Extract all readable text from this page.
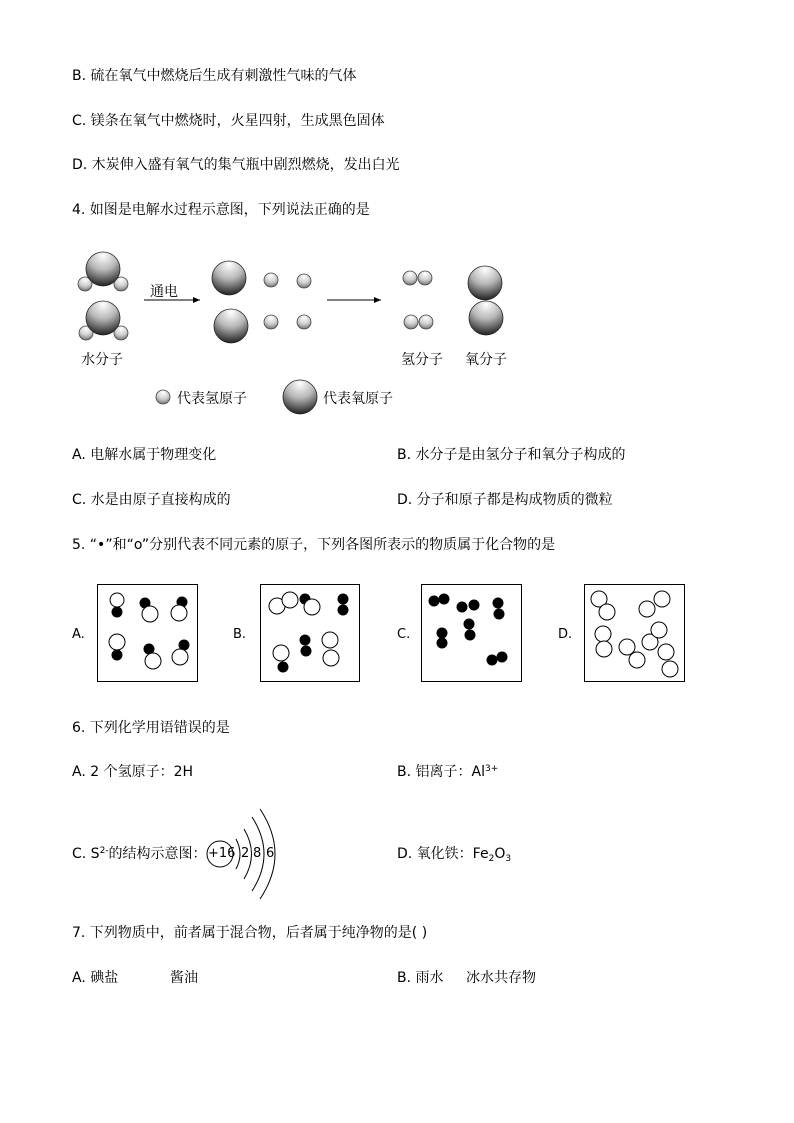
B. 硫在氧气中燃烧后生成有刺激性气味的气体
C. 镁条在氧气中燃烧时，火星四射，生成黑色固体
D. 木炭伸入盛有氧气的集气瓶中剧烈燃烧，发出白光
4. 如图是电解水过程示意图，下列说法正确的是
通电
水分子	氢分子 氧分子
代表氢原子	代表氧原子
A. 电解水属于物理变化	B. 水分子是由氢分子和氧分子构成的
C. 水是由原子直接构成的	D. 分子和原子都是构成物质的微粒
5. “•”和“o”分别代表不同元素的原子，下列各图所表示的物质属于化合物的是
A.	B.	C.	D.
6. 下列化学用语错误的是
A. 2 个氢原子：2H	B. 铝离子：$Al^{3+}$
C. $S^{2-}$的结构示意图： +16 2 8 6	D. 氧化铁：$Fe_2O_3$
7. 下列物质中，前者属于混合物，后者属于纯净物的是( )
A. 碘盐	酱油	B. 雨水 冰水共存物
